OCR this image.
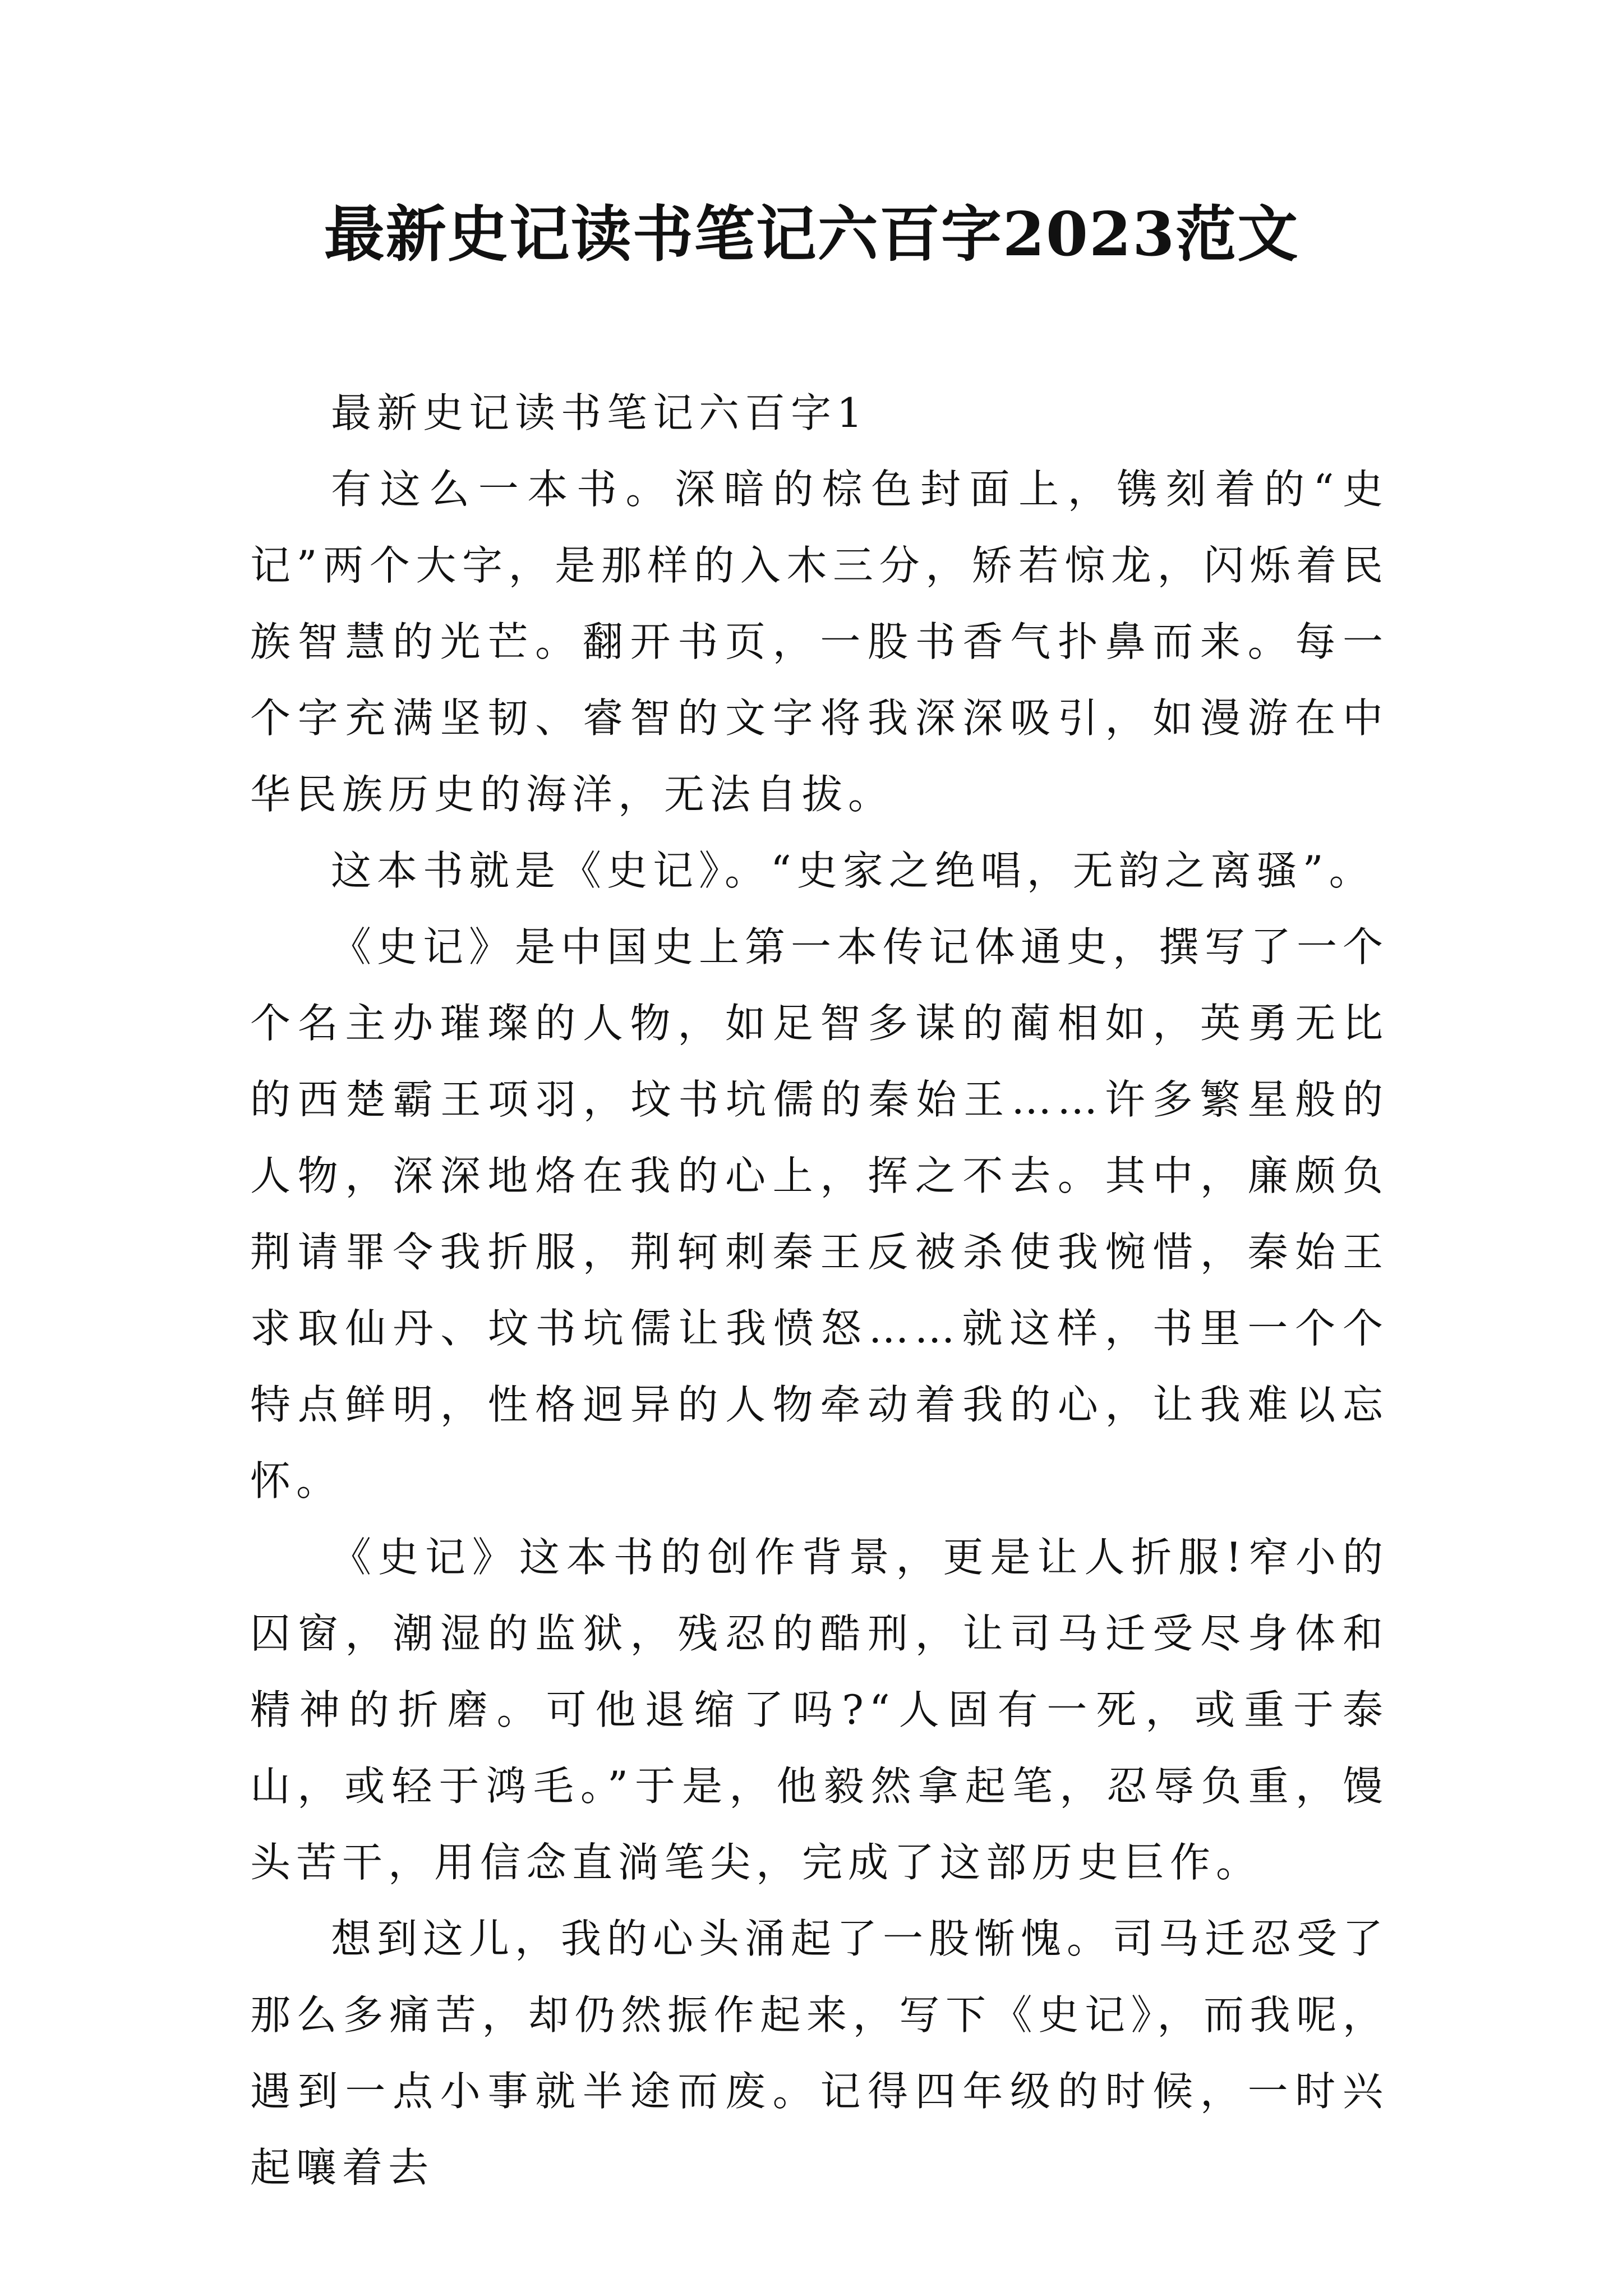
最新史记读书笔记六百字2023范文

最新史记读书笔记六百字1

有这么一本书。深暗的棕色封面上，镌刻着的“史记”两个大字，是那样的入木三分，矫若惊龙，闪烁着民族智慧的光芒。翻开书页，一股书香气扑鼻而来。每一个字充满坚韧、睿智的文字将我深深吸引，如漫游在中华民族历史的海洋，无法自拔。

这本书就是《史记》。“史家之绝唱，无韵之离骚”。

《史记》是中国史上第一本传记体通史，撰写了一个个名主办璀璨的人物，如足智多谋的蔺相如，英勇无比的西楚霸王项羽，坟书坑儒的秦始王……许多繁星般的人物，深深地烙在我的心上，挥之不去。其中，廉颇负荆请罪令我折服，荆轲刺秦王反被杀使我惋惜，秦始王求取仙丹、坟书坑儒让我愤怒……就这样，书里一个个特点鲜明，性格迥异的人物牵动着我的心，让我难以忘怀。

《史记》这本书的创作背景，更是让人折服!窄小的囚窗，潮湿的监狱，残忍的酷刑，让司马迁受尽身体和精神的折磨。可他退缩了吗?“人固有一死，或重于泰山，或轻于鸿毛。”于是，他毅然拿起笔，忍辱负重，馒头苦干，用信念直淌笔尖，完成了这部历史巨作。

想到这儿，我的心头涌起了一股惭愧。司马迁忍受了那么多痛苦，却仍然振作起来，写下《史记》，而我呢，遇到一点小事就半途而废。记得四年级的时候，一时兴起嚷着去
